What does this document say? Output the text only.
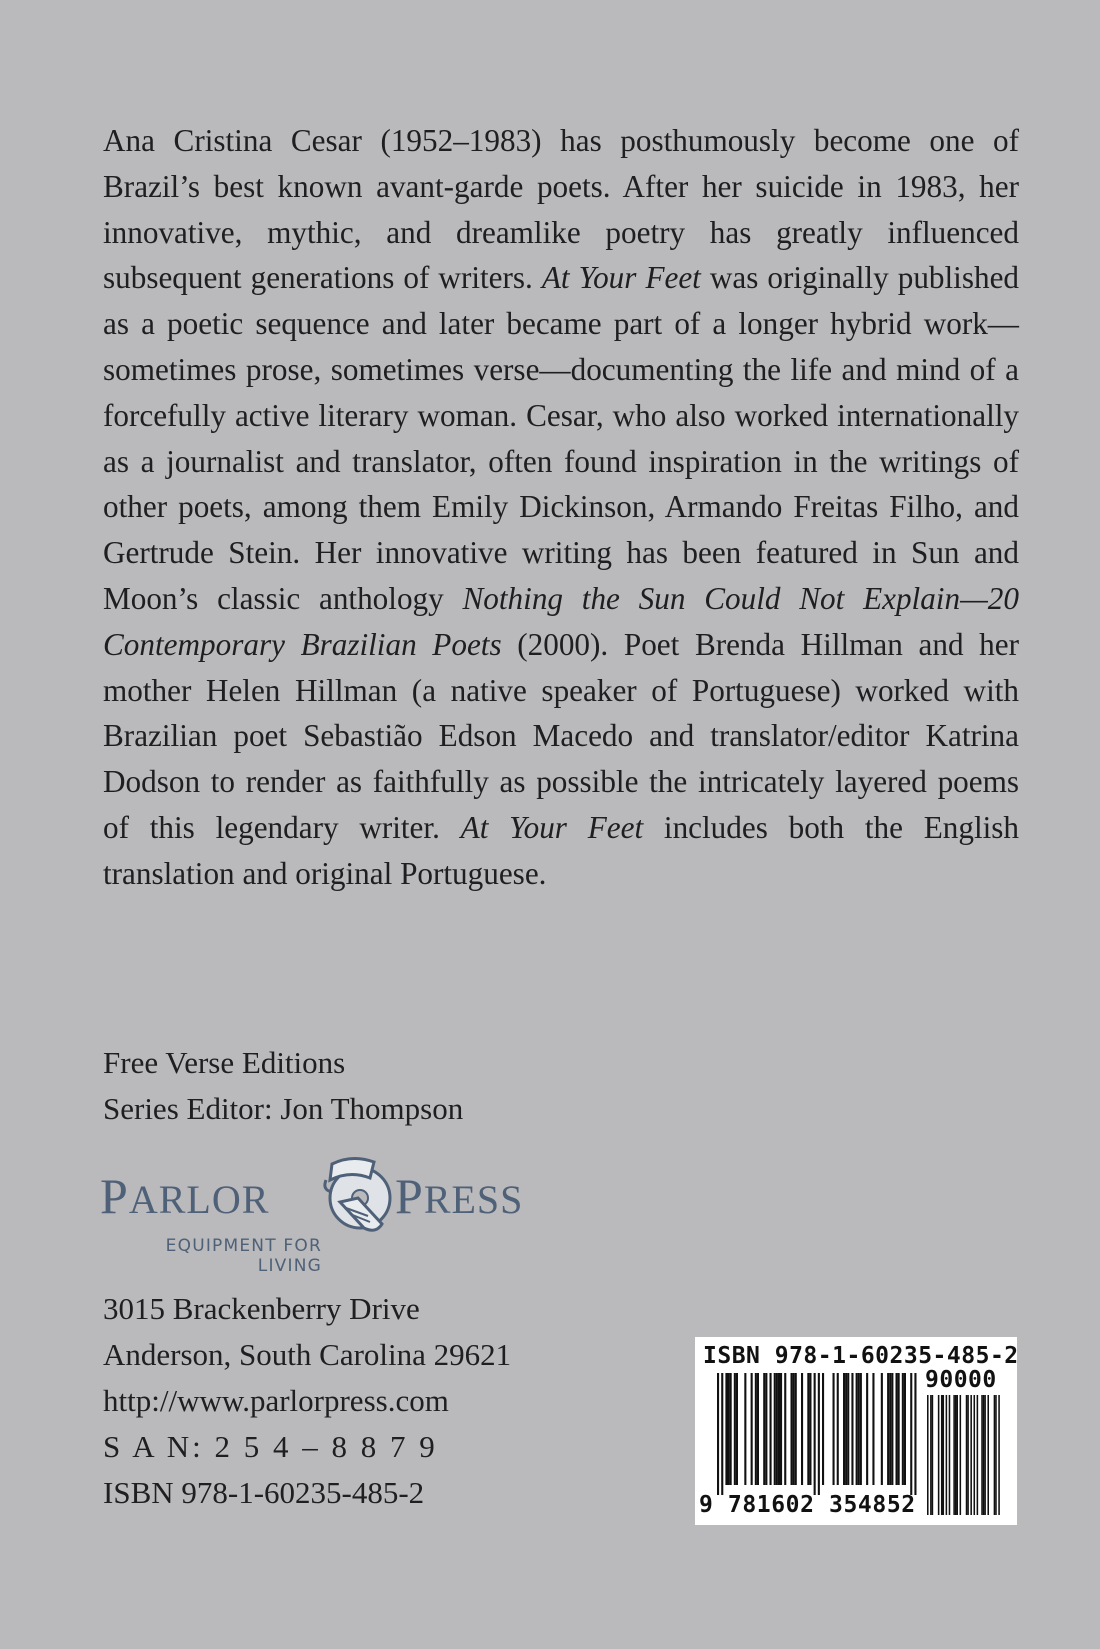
Ana Cristina Cesar (1952–1983) has posthumously become one of Brazil’s best known avant-garde poets. After her suicide in 1983, her innovative, mythic, and dreamlike poetry has greatly influenced subsequent generations of writers. At Your Feet was originally published as a poetic sequence and later became part of a longer hybrid work— sometimes prose, sometimes verse—documenting the life and mind of a forcefully active literary woman. Cesar, who also worked internationally as a journalist and translator, often found inspiration in the writings of other poets, among them Emily Dickinson, Armando Freitas Filho, and Gertrude Stein. Her innovative writing has been featured in Sun and Moon’s classic anthology Nothing the Sun Could Not Explain—20 Contemporary Brazilian Poets (2000). Poet Brenda Hillman and her mother Helen Hillman (a native speaker of Portuguese) worked with Brazilian poet Sebastião Edson Macedo and translator/editor Katrina Dodson to render as faithfully as possible the intricately layered poems of this legendary writer. At Your Feet includes both the English translation and original Portuguese.

Free Verse Editions
Series Editor: Jon Thompson
PARLOR	PRESS
EQUIPMENT FOR LIVING
3015 Brackenberry Drive
Anderson, South Carolina 29621
http://www.parlorpress.com
S A N: 2 5 4 – 8 8 7 9
ISBN 978-1-60235-485-2
ISBN 978-1-60235-485-2
90000
9 781602 354852
